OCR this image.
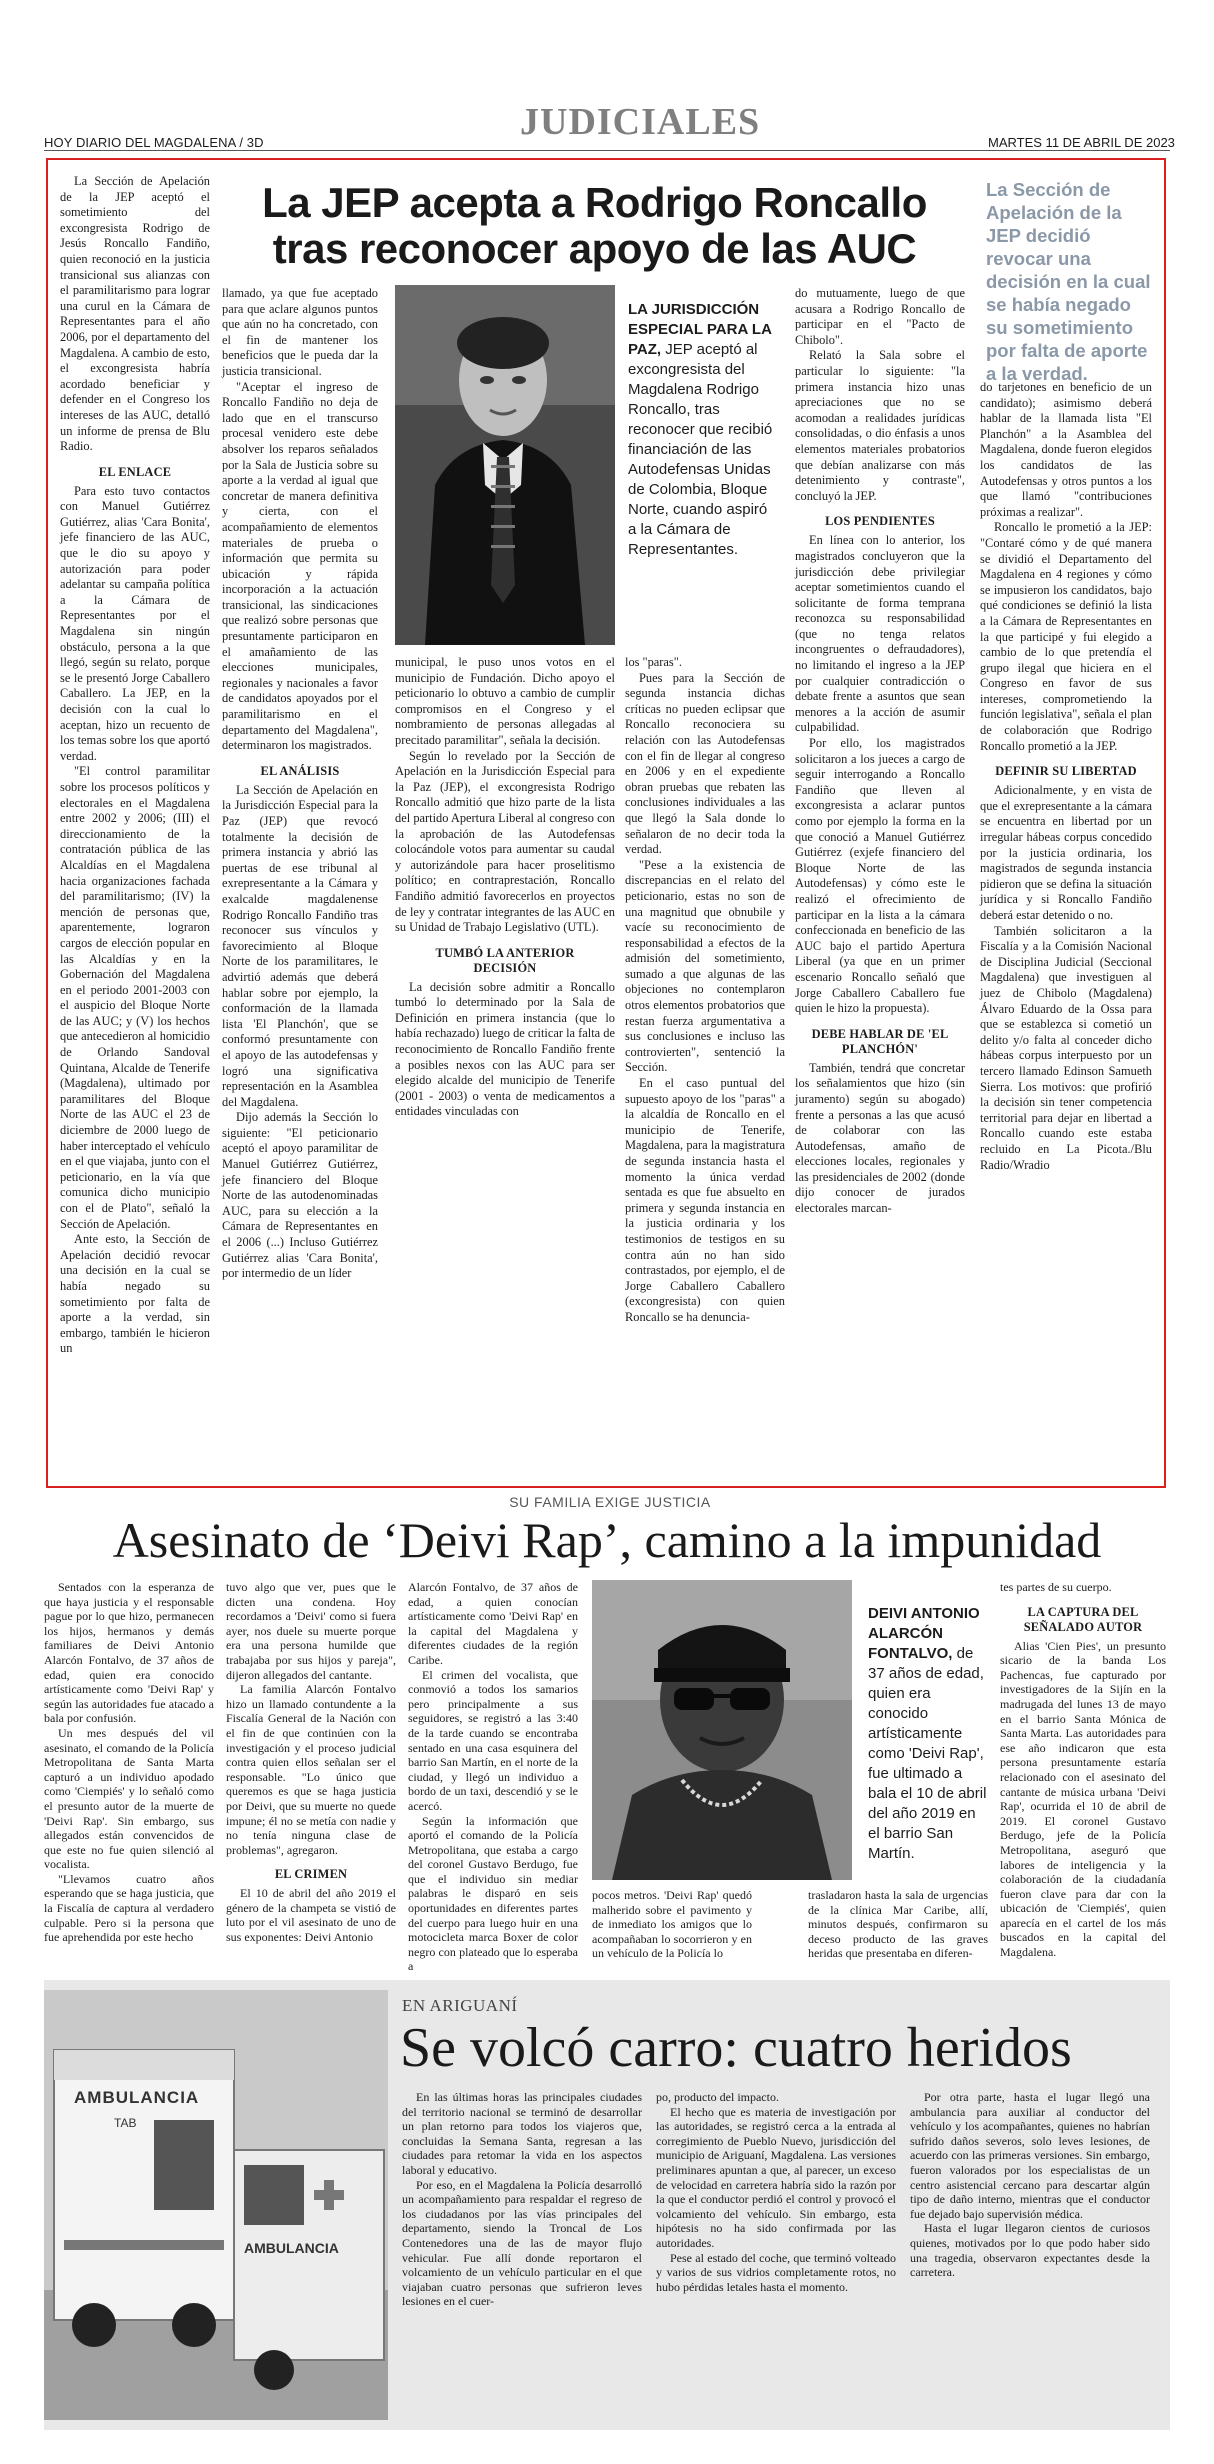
HOY DIARIO DEL MAGDALENA / 3D	JUDICIALES	MARTES 11 DE ABRIL DE 2023

La Sección de Apelación de la JEP aceptó el sometimiento del excongresista Rodrigo de Jesús Roncallo Fandiño, quien reconoció en la justicia transicional sus alianzas con el paramilitarismo para lograr una curul en la Cámara de Representantes para el año 2006, por el departamento del Magdalena. A cambio de esto, el excongresista habría acordado beneficiar y defender en el Congreso los intereses de las AUC, detalló un informe de prensa de Blu Radio.

EL ENLACE

Para esto tuvo contactos con Manuel Gutiérrez Gutiérrez, alias 'Cara Bonita', jefe financiero de las AUC, que le dio su apoyo y autorización para poder adelantar su campaña política a la Cámara de Representantes por el Magdalena sin ningún obstáculo, persona a la que llegó, según su relato, porque se le presentó Jorge Caballero Caballero. La JEP, en la decisión con la cual lo aceptan, hizo un recuento de los temas sobre los que aportó verdad.

"El control paramilitar sobre los procesos políticos y electorales en el Magdalena entre 2002 y 2006; (III) el direccionamiento de la contratación pública de las Alcaldías en el Magdalena hacia organizaciones fachada del paramilitarismo; (IV) la mención de personas que, aparentemente, lograron cargos de elección popular en las Alcaldías y en la Gobernación del Magdalena en el periodo 2001-2003 con el auspicio del Bloque Norte de las AUC; y (V) los hechos que antecedieron al homicidio de Orlando Sandoval Quintana, Alcalde de Tenerife (Magdalena), ultimado por paramilitares del Bloque Norte de las AUC el 23 de diciembre de 2000 luego de haber interceptado el vehículo en el que viajaba, junto con el peticionario, en la vía que comunica dicho municipio con el de Plato", señaló la Sección de Apelación.

Ante esto, la Sección de Apelación decidió revocar una decisión en la cual se había negado su sometimiento por falta de aporte a la verdad, sin embargo, también le hicieron un

La JEP acepta a Rodrigo Roncallo
tras reconocer apoyo de las AUC
La Sección de Apelación de la JEP decidió revocar una decisión en la cual se había negado su sometimiento por falta de aporte a la verdad.

llamado, ya que fue aceptado para que aclare algunos puntos que aún no ha concretado, con el fin de mantener los beneficios que le pueda dar la justicia transicional.

"Aceptar el ingreso de Roncallo Fandiño no deja de lado que en el transcurso procesal venidero este debe absolver los reparos señalados por la Sala de Justicia sobre su aporte a la verdad al igual que concretar de manera definitiva y cierta, con el acompañamiento de elementos materiales de prueba o información que permita su ubicación y rápida incorporación a la actuación transicional, las sindicaciones que realizó sobre personas que presuntamente participaron en el amañamiento de las elecciones municipales, regionales y nacionales a favor de candidatos apoyados por el paramilitarismo en el departamento del Magdalena", determinaron los magistrados.

EL ANÁLISIS

La Sección de Apelación en la Jurisdicción Especial para la Paz (JEP) que revocó totalmente la decisión de primera instancia y abrió las puertas de ese tribunal al exrepresentante a la Cámara y exalcalde magdalenense Rodrigo Roncallo Fandiño tras reconocer sus vínculos y favorecimiento al Bloque Norte de los paramilitares, le advirtió además que deberá hablar sobre por ejemplo, la conformación de la llamada lista 'El Planchón', que se conformó presuntamente con el apoyo de las autodefensas y logró una significativa representación en la Asamblea del Magdalena.

Dijo además la Sección lo siguiente: "El peticionario aceptó el apoyo paramilitar de Manuel Gutiérrez Gutiérrez, jefe financiero del Bloque Norte de las autodenominadas AUC, para su elección a la Cámara de Representantes en el 2006 (...) Incluso Gutiérrez Gutiérrez alias 'Cara Bonita', por intermedio de un líder

LA JURISDICCIÓN ESPECIAL PARA LA PAZ, JEP aceptó al excongresista del Magdalena Rodrigo Roncallo, tras reconocer que recibió financiación de las Autodefensas Unidas de Colombia, Bloque Norte, cuando aspiró a la Cámara de Representantes.

municipal, le puso unos votos en el municipio de Fundación. Dicho apoyo el peticionario lo obtuvo a cambio de cumplir compromisos en el Congreso y el nombramiento de personas allegadas al precitado paramilitar", señala la decisión.

Según lo revelado por la Sección de Apelación en la Jurisdicción Especial para la Paz (JEP), el excongresista Rodrigo Roncallo admitió que hizo parte de la lista del partido Apertura Liberal al congreso con la aprobación de las Autodefensas colocándole votos para aumentar su caudal y autorizándole para hacer proselitismo político; en contraprestación, Roncallo Fandiño admitió favorecerlos en proyectos de ley y contratar integrantes de las AUC en su Unidad de Trabajo Legislativo (UTL).

TUMBÓ LA ANTERIOR DECISIÓN

La decisión sobre admitir a Roncallo tumbó lo determinado por la Sala de Definición en primera instancia (que lo había rechazado) luego de criticar la falta de reconocimiento de Roncallo Fandiño frente a posibles nexos con las AUC para ser elegido alcalde del municipio de Tenerife (2001 - 2003) o venta de medicamentos a entidades vinculadas con

los "paras".

Pues para la Sección de segunda instancia dichas críticas no pueden eclipsar que Roncallo reconociera su relación con las Autodefensas con el fin de llegar al congreso en 2006 y en el expediente obran pruebas que rebaten las conclusiones individuales a las que llegó la Sala donde lo señalaron de no decir toda la verdad.

"Pese a la existencia de discrepancias en el relato del peticionario, estas no son de una magnitud que obnubile y vacíe su reconocimiento de responsabilidad a efectos de la admisión del sometimiento, sumado a que algunas de las objeciones no contemplaron otros elementos probatorios que restan fuerza argumentativa a sus conclusiones e incluso las controvierten", sentenció la Sección.

En el caso puntual del supuesto apoyo de los "paras" a la alcaldía de Roncallo en el municipio de Tenerife, Magdalena, para la magistratura de segunda instancia hasta el momento la única verdad sentada es que fue absuelto en primera y segunda instancia en la justicia ordinaria y los testimonios de testigos en su contra aún no han sido contrastados, por ejemplo, el de Jorge Caballero Caballero (excongresista) con quien Roncallo se ha denuncia-

do mutuamente, luego de que acusara a Rodrigo Roncallo de participar en el "Pacto de Chibolo".

Relató la Sala sobre el particular lo siguiente: "la primera instancia hizo unas apreciaciones que no se acomodan a realidades jurídicas consolidadas, o dio énfasis a unos elementos materiales probatorios que debían analizarse con más detenimiento y contraste", concluyó la JEP.

LOS PENDIENTES

En línea con lo anterior, los magistrados concluyeron que la jurisdicción debe privilegiar aceptar sometimientos cuando el solicitante de forma temprana reconozca su responsabilidad (que no tenga relatos incongruentes o defraudadores), no limitando el ingreso a la JEP por cualquier contradicción o debate frente a asuntos que sean menores a la acción de asumir culpabilidad.

Por ello, los magistrados solicitaron a los jueces a cargo de seguir interrogando a Roncallo Fandiño que lleven al excongresista a aclarar puntos como por ejemplo la forma en la que conoció a Manuel Gutiérrez Gutiérrez (exjefe financiero del Bloque Norte de las Autodefensas) y cómo este le realizó el ofrecimiento de participar en la lista a la cámara confeccionada en beneficio de las AUC bajo el partido Apertura Liberal (ya que en un primer escenario Roncallo señaló que Jorge Caballero Caballero fue quien le hizo la propuesta).

DEBE HABLAR DE 'EL PLANCHÓN'

También, tendrá que concretar los señalamientos que hizo (sin juramento) según su abogado) frente a personas a las que acusó de colaborar con las Autodefensas, amaño de elecciones locales, regionales y las presidenciales de 2002 (donde dijo conocer de jurados electorales marcan-

do tarjetones en beneficio de un candidato); asimismo deberá hablar de la llamada lista "El Planchón" a la Asamblea del Magdalena, donde fueron elegidos los candidatos de las Autodefensas y otros puntos a los que llamó "contribuciones próximas a realizar".

Roncallo le prometió a la JEP: "Contaré cómo y de qué manera se dividió el Departamento del Magdalena en 4 regiones y cómo se impusieron los candidatos, bajo qué condiciones se definió la lista a la Cámara de Representantes en la que participé y fui elegido a cambio de lo que pretendía el grupo ilegal que hiciera en el Congreso en favor de sus intereses, comprometiendo la función legislativa", señala el plan de colaboración que Rodrigo Roncallo prometió a la JEP.

DEFINIR SU LIBERTAD

Adicionalmente, y en vista de que el exrepresentante a la cámara se encuentra en libertad por un irregular hábeas corpus concedido por la justicia ordinaria, los magistrados de segunda instancia pidieron que se defina la situación jurídica y si Roncallo Fandiño deberá estar detenido o no.

También solicitaron a la Fiscalía y a la Comisión Nacional de Disciplina Judicial (Seccional Magdalena) que investiguen al juez de Chibolo (Magdalena) Álvaro Eduardo de la Ossa para que se establezca si cometió un delito y/o falta al conceder dicho hábeas corpus interpuesto por un tercero llamado Edinson Samueth Sierra. Los motivos: que profirió la decisión sin tener competencia territorial para dejar en libertad a Roncallo cuando este estaba recluido en La Picota./Blu Radio/Wradio

SU FAMILIA EXIGE JUSTICIA
Asesinato de ‘Deivi Rap’, camino a la impunidad

Sentados con la esperanza de que haya justicia y el responsable pague por lo que hizo, permanecen los hijos, hermanos y demás familiares de Deivi Antonio Alarcón Fontalvo, de 37 años de edad, quien era conocido artísticamente como 'Deivi Rap' y según las autoridades fue atacado a bala por confusión.

Un mes después del vil asesinato, el comando de la Policía Metropolitana de Santa Marta capturó a un individuo apodado como 'Ciempiés' y lo señaló como el presunto autor de la muerte de 'Deivi Rap'. Sin embargo, sus allegados están convencidos de que este no fue quien silenció al vocalista.

"Llevamos cuatro años esperando que se haga justicia, que la Fiscalía de captura al verdadero culpable. Pero si la persona que fue aprehendida por este hecho

tuvo algo que ver, pues que le dicten una condena. Hoy recordamos a 'Deivi' como si fuera ayer, nos duele su muerte porque era una persona humilde que trabajaba por sus hijos y pareja", dijeron allegados del cantante.

La familia Alarcón Fontalvo hizo un llamado contundente a la Fiscalía General de la Nación con el fin de que continúen con la investigación y el proceso judicial contra quien ellos señalan ser el responsable. "Lo único que queremos es que se haga justicia por Deivi, que su muerte no quede impune; él no se metía con nadie y no tenía ninguna clase de problemas", agregaron.

EL CRIMEN

El 10 de abril del año 2019 el género de la champeta se vistió de luto por el vil asesinato de uno de sus exponentes: Deivi Antonio

Alarcón Fontalvo, de 37 años de edad, a quien conocían artísticamente como 'Deivi Rap' en la capital del Magdalena y diferentes ciudades de la región Caribe.

El crimen del vocalista, que conmovió a todos los samarios pero principalmente a sus seguidores, se registró a las 3:40 de la tarde cuando se encontraba sentado en una casa esquinera del barrio San Martín, en el norte de la ciudad, y llegó un individuo a bordo de un taxi, descendió y se le acercó.

Según la información que aportó el comando de la Policía Metropolitana, que estaba a cargo del coronel Gustavo Berdugo, fue que el individuo sin mediar palabras le disparó en seis oportunidades en diferentes partes del cuerpo para luego huir en una motocicleta marca Boxer de color negro con plateado que lo esperaba a

DEIVI ANTONIO ALARCÓN FONTALVO, de 37 años de edad, quien era conocido artísticamente como 'Deivi Rap', fue ultimado a bala el 10 de abril del año 2019 en el barrio San Martín.

pocos metros. 'Deivi Rap' quedó malherido sobre el pavimento y de inmediato los amigos que lo acompañaban lo socorrieron y en un vehículo de la Policía lo

trasladaron hasta la sala de urgencias de la clínica Mar Caribe, allí, minutos después, confirmaron su deceso producto de las graves heridas que presentaba en diferen-

tes partes de su cuerpo.

LA CAPTURA DEL SEÑALADO AUTOR

Alias 'Cien Pies', un presunto sicario de la banda Los Pachencas, fue capturado por investigadores de la Sijín en la madrugada del lunes 13 de mayo en el barrio Santa Mónica de Santa Marta. Las autoridades para ese año indicaron que esta persona presuntamente estaría relacionado con el asesinato del cantante de música urbana 'Deivi Rap', ocurrida el 10 de abril de 2019. El coronel Gustavo Berdugo, jefe de la Policía Metropolitana, aseguró que labores de inteligencia y la colaboración de la ciudadanía fueron clave para dar con la ubicación de 'Ciempiés', quien aparecía en el cartel de los más buscados en la capital del Magdalena.

AMBULANCIA
TAB
AMBULANCIA
EN ARIGUANÍ
Se volcó carro: cuatro heridos

En las últimas horas las principales ciudades del territorio nacional se terminó de desarrollar un plan retorno para todos los viajeros que, concluidas la Semana Santa, regresan a las ciudades para retomar la vida en los aspectos laboral y educativo.

Por eso, en el Magdalena la Policía desarrolló un acompañamiento para respaldar el regreso de los ciudadanos por las vías principales del departamento, siendo la Troncal de Los Contenedores una de las de mayor flujo vehicular. Fue allí donde reportaron el volcamiento de un vehículo particular en el que viajaban cuatro personas que sufrieron leves lesiones en el cuer-

po, producto del impacto.

El hecho que es materia de investigación por las autoridades, se registró cerca a la entrada al corregimiento de Pueblo Nuevo, jurisdicción del municipio de Ariguaní, Magdalena. Las versiones preliminares apuntan a que, al parecer, un exceso de velocidad en carretera habría sido la razón por la que el conductor perdió el control y provocó el volcamiento del vehículo. Sin embargo, esta hipótesis no ha sido confirmada por las autoridades.

Pese al estado del coche, que terminó volteado y varios de sus vidrios completamente rotos, no hubo pérdidas letales hasta el momento.

Por otra parte, hasta el lugar llegó una ambulancia para auxiliar al conductor del vehículo y los acompañantes, quienes no habrían sufrido daños severos, solo leves lesiones, de acuerdo con las primeras versiones. Sin embargo, fueron valorados por los especialistas de un centro asistencial cercano para descartar algún tipo de daño interno, mientras que el conductor fue dejado bajo supervisión médica.

Hasta el lugar llegaron cientos de curiosos quienes, motivados por lo que podo haber sido una tragedia, observaron expectantes desde la carretera.
